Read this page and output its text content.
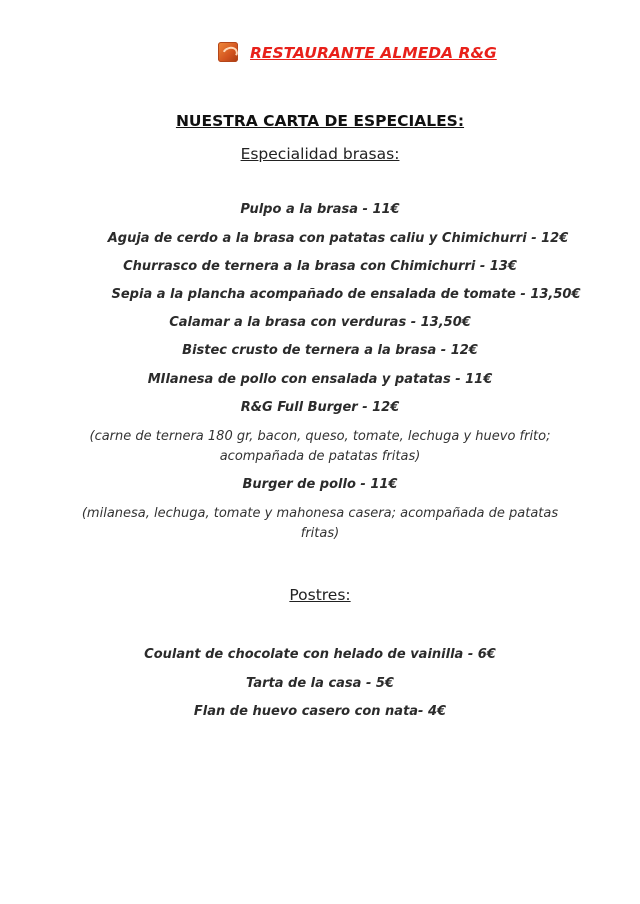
RESTAURANTE ALMEDA R&G
NUESTRA CARTA DE ESPECIALES:
Especialidad brasas:
Pulpo a la brasa - 11€
Aguja de cerdo a la brasa con patatas caliu y Chimichurri - 12€
Churrasco de ternera a la brasa con Chimichurri - 13€
Sepia a la plancha acompañado de ensalada de tomate - 13,50€
Calamar a la brasa con verduras - 13,50€
Bistec crusto de ternera a la brasa - 12€
MIlanesa de pollo con ensalada y patatas - 11€
R&G Full Burger - 12€
(carne de ternera 180 gr, bacon, queso, tomate, lechuga y huevo frito;
acompañada de patatas fritas)
Burger de pollo - 11€
(milanesa, lechuga, tomate y mahonesa casera; acompañada de patatas
fritas)
Postres:
Coulant de chocolate con helado de vainilla - 6€
Tarta de la casa - 5€
Flan de huevo casero con nata- 4€
